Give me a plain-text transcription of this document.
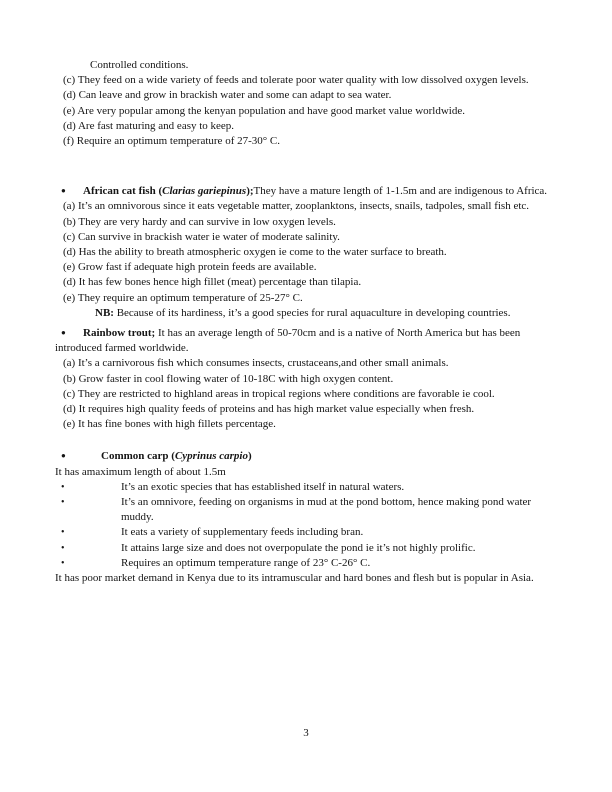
Controlled conditions.

(c) They feed on a wide variety of feeds and tolerate poor water quality with low dissolved oxygen levels.

(d) Can leave and grow in brackish water and some can adapt to sea water.

(e) Are very popular among the kenyan population and have good market value worldwide.

(d) Are fast maturing and easy to keep.

(f) Require an optimum temperature of 27-30° C.

● African cat fish (Clarias gariepinus);They have a mature length of 1-1.5m and are indigenous to Africa.

(a) It’s an omnivorous since it eats vegetable matter, zooplanktons, insects, snails, tadpoles, small fish etc.

(b) They are very hardy and can survive in low oxygen levels.

(c) Can survive in brackish water ie water of moderate salinity.

(d) Has the ability to breath atmospheric oxygen ie come to the water surface to breath.

(e) Grow fast if adequate high protein feeds are available.

(d) It has few bones hence high fillet (meat) percentage than tilapia.

(e) They require an optimum temperature of 25-27° C.

NB: Because of its hardiness, it’s a good species for rural aquaculture in developing countries.

● Rainbow trout; It has an average length of 50-70cm and is a native of North America but has been introduced farmed worldwide.

(a) It’s a carnivorous fish which consumes insects, crustaceans,and other small animals.

(b) Grow faster in cool flowing water of 10-18C with high oxygen content.

(c) They are restricted to highland areas in tropical regions where conditions are favorable ie cool.

(d) It requires high quality feeds of proteins and has high market value especially when fresh.

(e) It has fine bones with high fillets percentage.

●	Common carp (Cyprinus carpio)

It has amaximum length of about 1.5m

•	It’s an exotic species that has established itself in natural waters.

•	It’s an omnivore, feeding on organisms in mud at the pond bottom, hence making pond water muddy.

•	It eats a variety of supplementary feeds including bran.

•	It attains large size and does not overpopulate the pond ie it’s not highly prolific.

•	Requires an optimum temperature range of 23° C-26° C.

It has poor market demand in Kenya due to its intramuscular and hard bones and flesh but is popular in Asia.

3
